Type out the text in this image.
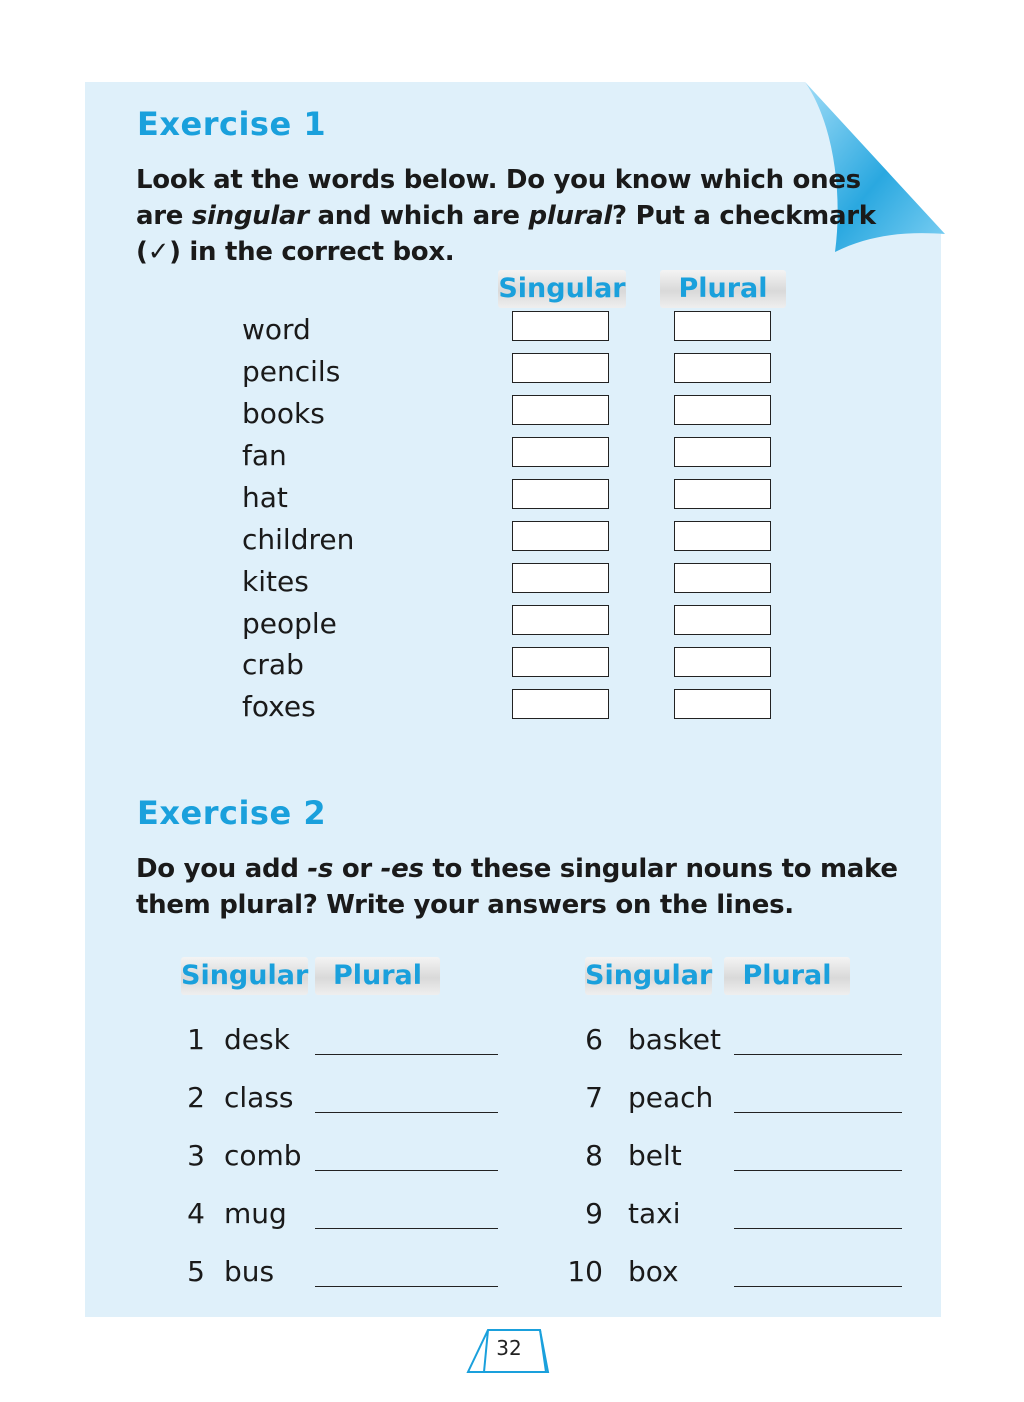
Exercise 1

Look at the words below. Do you know which ones

are singular and which are plural? Put a checkmark

(✓) in the correct box.

Singular	Plural
word
pencils
books
fan
hat
children
kites
people
crab
foxes
Exercise 2

Do you add -s or -es to these singular nouns to make

them plural? Write your answers on the lines.

Singular Plural	Singular	Plural
1 desk
2 class
3 comb
4 mug
5 bus
6 basket
7 peach
8 belt
9 taxi
10 box
32
